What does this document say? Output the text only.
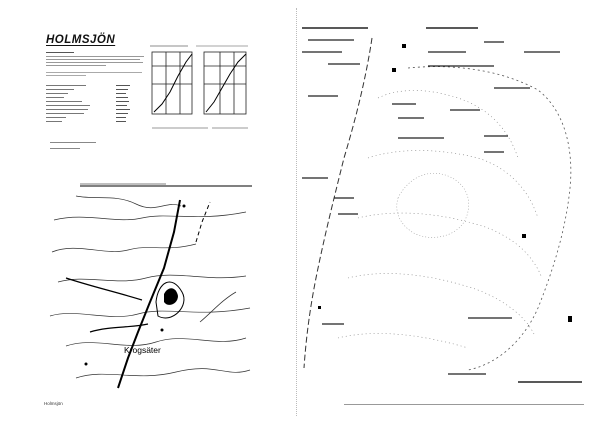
HOLMSJÖN
Krogsäter
Holmsjön
